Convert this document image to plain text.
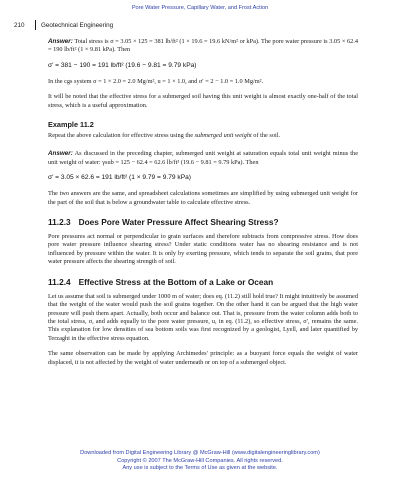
Pore Water Pressure, Capillary Water, and Frost Action
210	Geotechnical Engineering

Answer: Total stress is σ = 3.05 × 125 = 381 lb/ft² (1 × 19.6 = 19.6 kN/m² or kPa). The pore water pressure is 3.05 × 62.4 = 190 lb/ft² (1 × 9.81 kPa). Then

σ′ = 381 − 190 = 191 lb/ft² (19.6 − 9.81 = 9.79 kPa)

In the cgs system σ = 1 × 2.0 = 2.0 Mg/m², u = 1 × 1.0, and σ′ = 2 − 1.0 = 1.0 Mg/m².

It will be noted that the effective stress for a submerged soil having this unit weight is almost exactly one-half of the total stress, which is a useful approximation.

Example 11.2

Repeat the above calculation for effective stress using the submerged unit weight of the soil.

Answer: As discussed in the preceding chapter, submerged unit weight at saturation equals total unit weight minus the unit weight of water: γsub = 125 − 62.4 = 62.6 lb/ft³ (19.6 − 9.81 = 9.79 kPa). Then

σ′ = 3.05 × 62.6 = 191 lb/ft² (1 × 9.79 = 9.79 kPa)

The two answers are the same, and spreadsheet calculations sometimes are simplified by using submerged unit weight for the part of the soil that is below a groundwater table to calculate effective stress.

11.2.3 Does Pore Water Pressure Affect Shearing Stress?

Pore pressures act normal or perpendicular to grain surfaces and therefore subtracts from compressive stress. How does pore water pressure influence shearing stress? Under static conditions water has no shearing resistance and is not influenced by pressure within the water. It is only by exerting pressure, which tends to separate the soil grains, that pore water pressure affects the shearing strength of soil.

11.2.4 Effective Stress at the Bottom of a Lake or Ocean

Let us assume that soil is submerged under 1000 m of water; does eq. (11.2) still hold true? It might intuitively be assumed that the weight of the water would push the soil grains together. On the other hand it can be argued that the high water pressure will push them apart. Actually, both occur and balance out. That is, pressure from the water column adds both to the total stress, σ, and adds equally to the pore water pressure, u, in eq. (11.2), so effective stress, σ′, remains the same. This explanation for low densities of sea bottom soils was first recognized by a geologist, Lyell, and later quantified by Terzaghi in the effective stress equation.

The same observation can be made by applying Archimedes' principle: as a buoyant force equals the weight of water displaced, it is not affected by the weight of water underneath or on top of a submerged object.

Downloaded from Digital Engineering Library @ McGraw-Hill (www.digitalengineeringlibrary.com)
Copyright © 2007 The McGraw-Hill Companies. All rights reserved.
Any use is subject to the Terms of Use as given at the website.
